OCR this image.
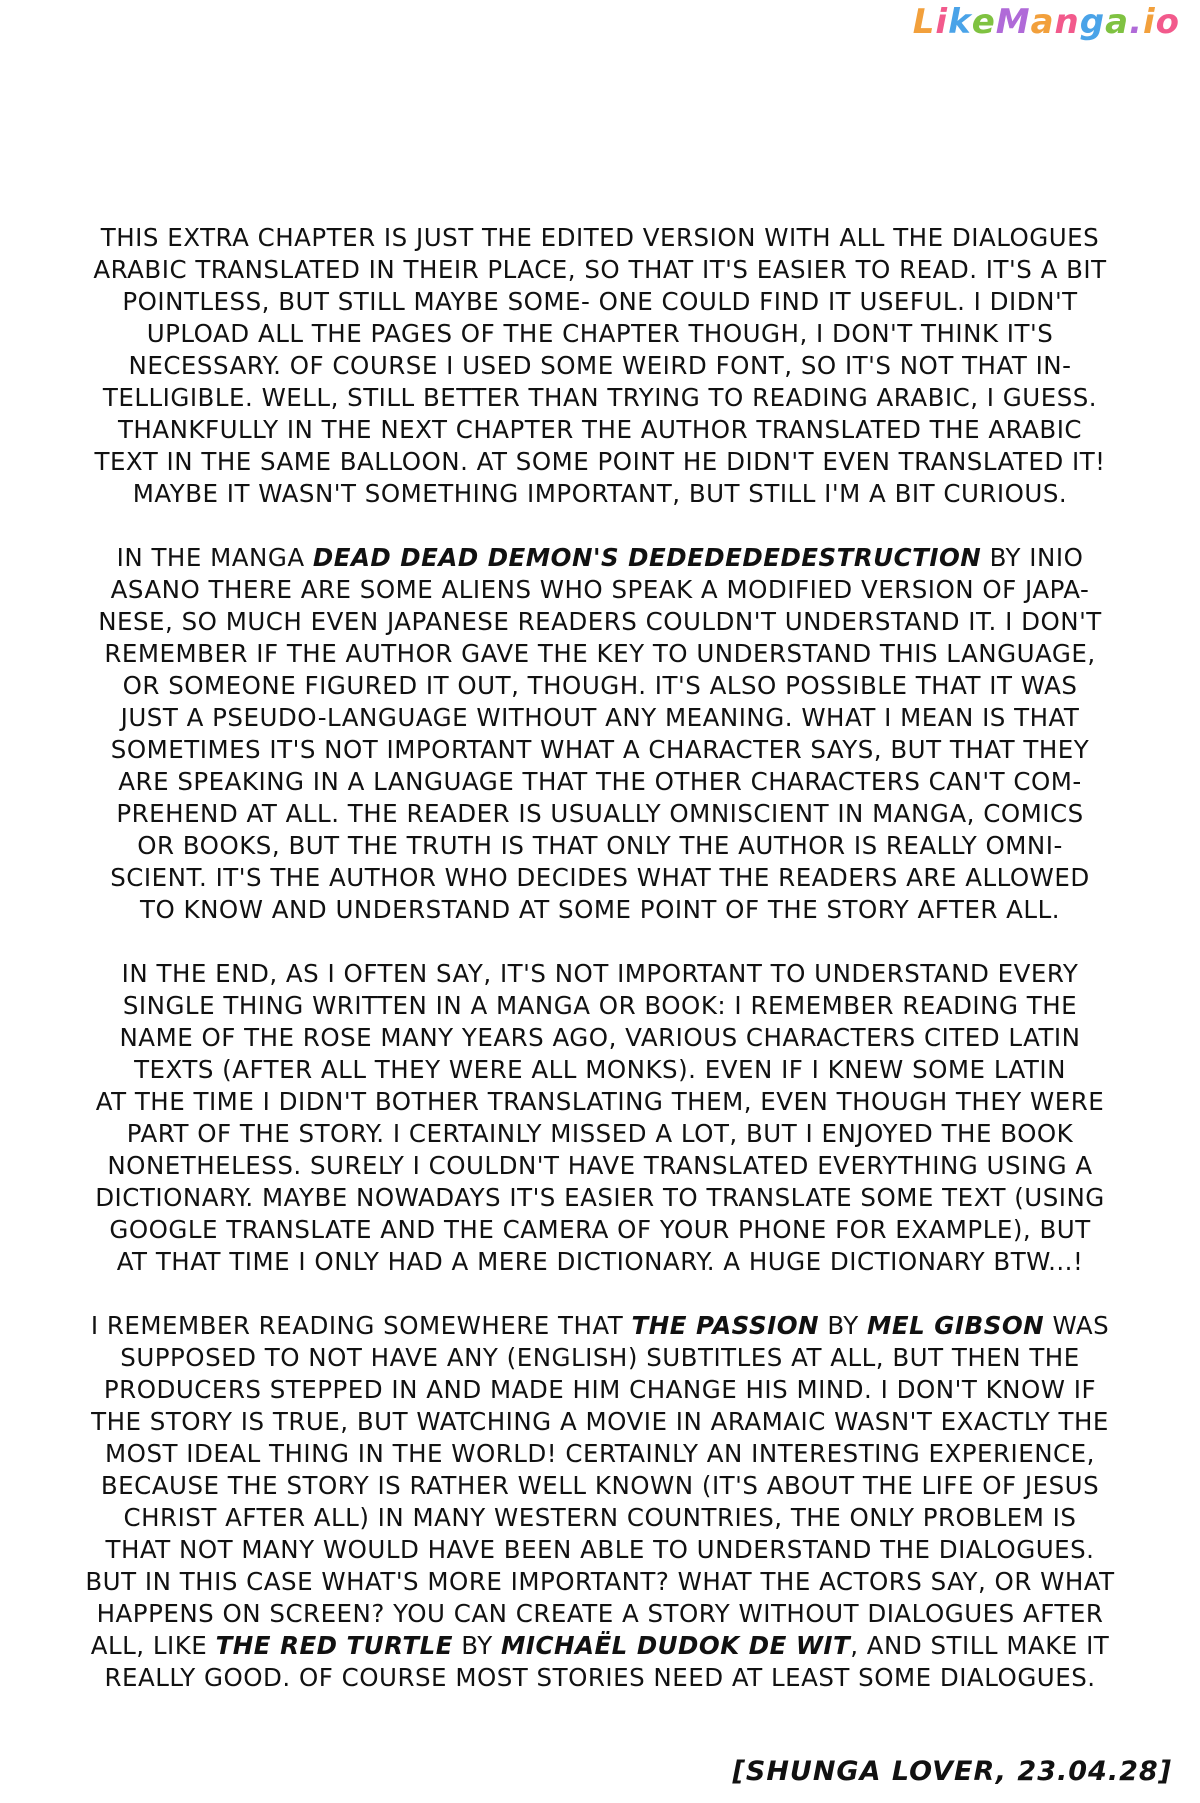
LikeManga.io

THIS EXTRA CHAPTER IS JUST THE EDITED VERSION WITH ALL THE DIALOGUES
ARABIC TRANSLATED IN THEIR PLACE, SO THAT IT'S EASIER TO READ. IT'S A BIT
POINTLESS, BUT STILL MAYBE SOME- ONE COULD FIND IT USEFUL. I DIDN'T
UPLOAD ALL THE PAGES OF THE CHAPTER THOUGH, I DON'T THINK IT'S
NECESSARY. OF COURSE I USED SOME WEIRD FONT, SO IT'S NOT THAT IN-
TELLIGIBLE. WELL, STILL BETTER THAN TRYING TO READING ARABIC, I GUESS.
THANKFULLY IN THE NEXT CHAPTER THE AUTHOR TRANSLATED THE ARABIC
TEXT IN THE SAME BALLOON. AT SOME POINT HE DIDN'T EVEN TRANSLATED IT!
MAYBE IT WASN'T SOMETHING IMPORTANT, BUT STILL I'M A BIT CURIOUS.

IN THE MANGA DEAD DEAD DEMON'S DEDEDEDEDESTRUCTION BY INIO
ASANO THERE ARE SOME ALIENS WHO SPEAK A MODIFIED VERSION OF JAPA-
NESE, SO MUCH EVEN JAPANESE READERS COULDN'T UNDERSTAND IT. I DON'T
REMEMBER IF THE AUTHOR GAVE THE KEY TO UNDERSTAND THIS LANGUAGE,
OR SOMEONE FIGURED IT OUT, THOUGH. IT'S ALSO POSSIBLE THAT IT WAS
JUST A PSEUDO-LANGUAGE WITHOUT ANY MEANING. WHAT I MEAN IS THAT
SOMETIMES IT'S NOT IMPORTANT WHAT A CHARACTER SAYS, BUT THAT THEY
ARE SPEAKING IN A LANGUAGE THAT THE OTHER CHARACTERS CAN'T COM-
PREHEND AT ALL. THE READER IS USUALLY OMNISCIENT IN MANGA, COMICS
OR BOOKS, BUT THE TRUTH IS THAT ONLY THE AUTHOR IS REALLY OMNI-
SCIENT. IT'S THE AUTHOR WHO DECIDES WHAT THE READERS ARE ALLOWED
TO KNOW AND UNDERSTAND AT SOME POINT OF THE STORY AFTER ALL.

IN THE END, AS I OFTEN SAY, IT'S NOT IMPORTANT TO UNDERSTAND EVERY
SINGLE THING WRITTEN IN A MANGA OR BOOK: I REMEMBER READING THE
NAME OF THE ROSE MANY YEARS AGO, VARIOUS CHARACTERS CITED LATIN
TEXTS (AFTER ALL THEY WERE ALL MONKS). EVEN IF I KNEW SOME LATIN
AT THE TIME I DIDN'T BOTHER TRANSLATING THEM, EVEN THOUGH THEY WERE
PART OF THE STORY. I CERTAINLY MISSED A LOT, BUT I ENJOYED THE BOOK
NONETHELESS. SURELY I COULDN'T HAVE TRANSLATED EVERYTHING USING A
DICTIONARY. MAYBE NOWADAYS IT'S EASIER TO TRANSLATE SOME TEXT (USING
GOOGLE TRANSLATE AND THE CAMERA OF YOUR PHONE FOR EXAMPLE), BUT
AT THAT TIME I ONLY HAD A MERE DICTIONARY. A HUGE DICTIONARY BTW...!

I REMEMBER READING SOMEWHERE THAT THE PASSION BY MEL GIBSON WAS
SUPPOSED TO NOT HAVE ANY (ENGLISH) SUBTITLES AT ALL, BUT THEN THE
PRODUCERS STEPPED IN AND MADE HIM CHANGE HIS MIND. I DON'T KNOW IF
THE STORY IS TRUE, BUT WATCHING A MOVIE IN ARAMAIC WASN'T EXACTLY THE
MOST IDEAL THING IN THE WORLD! CERTAINLY AN INTERESTING EXPERIENCE,
BECAUSE THE STORY IS RATHER WELL KNOWN (IT'S ABOUT THE LIFE OF JESUS
CHRIST AFTER ALL) IN MANY WESTERN COUNTRIES, THE ONLY PROBLEM IS
THAT NOT MANY WOULD HAVE BEEN ABLE TO UNDERSTAND THE DIALOGUES.
BUT IN THIS CASE WHAT'S MORE IMPORTANT? WHAT THE ACTORS SAY, OR WHAT
HAPPENS ON SCREEN? YOU CAN CREATE A STORY WITHOUT DIALOGUES AFTER
ALL, LIKE THE RED TURTLE BY MICHAËL DUDOK DE WIT, AND STILL MAKE IT
REALLY GOOD. OF COURSE MOST STORIES NEED AT LEAST SOME DIALOGUES.

[SHUNGA LOVER, 23.04.28]
